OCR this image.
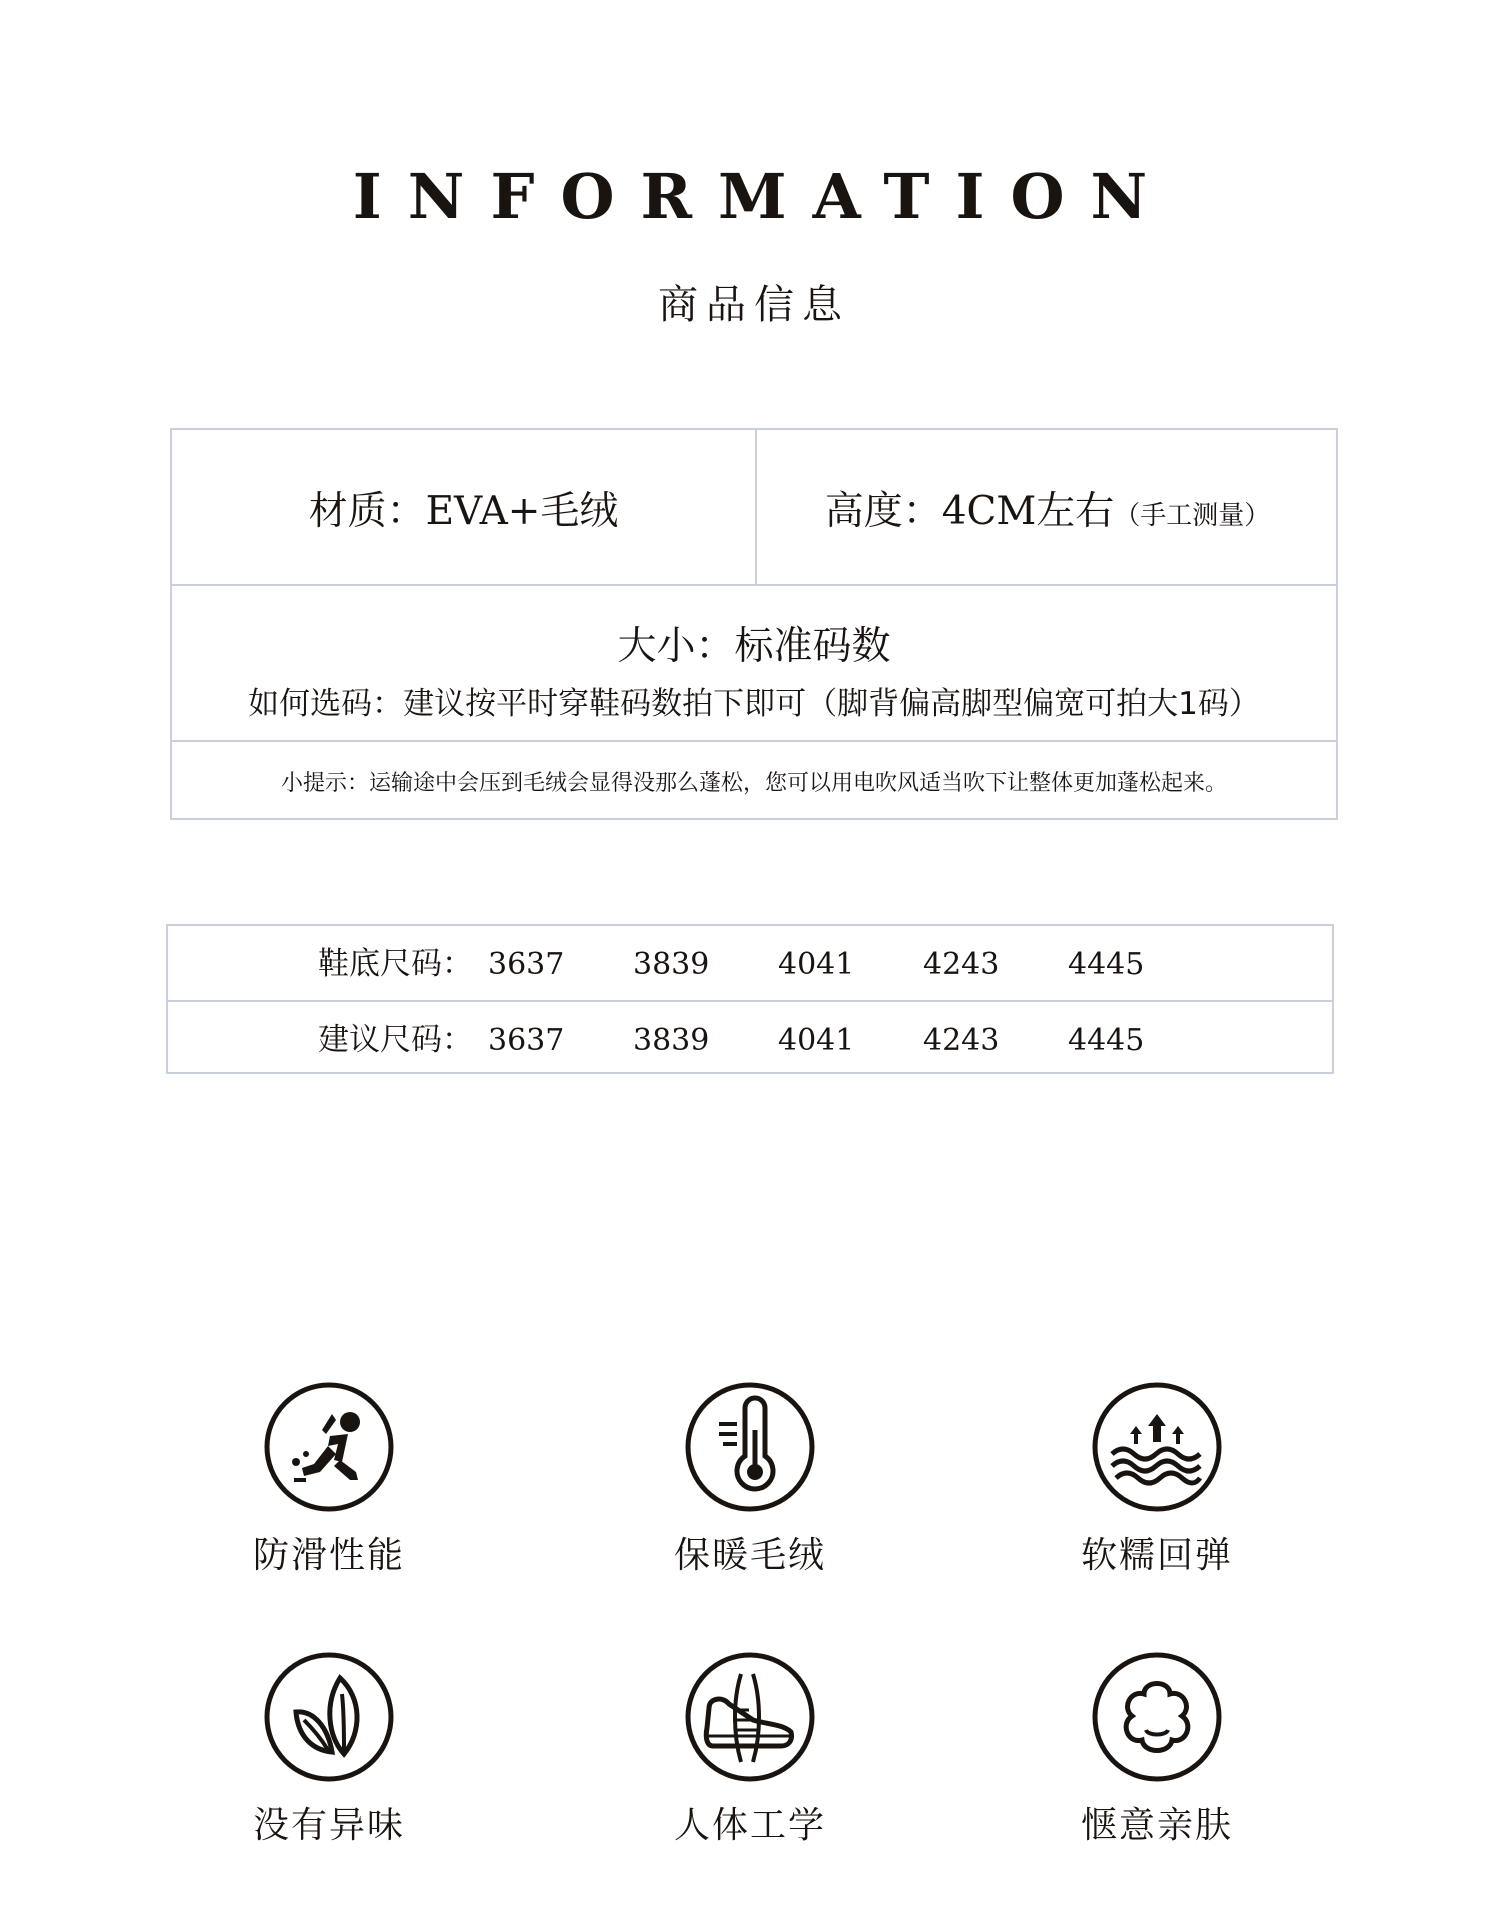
INFORMATION
商品信息
材质：EVA+毛绒	高度：4CM左右（手工测量）
大小：标准码数
如何选码：建议按平时穿鞋码数拍下即可（脚背偏高脚型偏宽可拍大1码）
小提示：运输途中会压到毛绒会显得没那么蓬松，您可以用电吹风适当吹下让整体更加蓬松起来。
鞋底尺码： 3637 3839 4041 4243 4445
建议尺码： 3637 3839 4041 4243 4445
防滑性能	保暖毛绒	软糯回弹
没有异味	人体工学	惬意亲肤
